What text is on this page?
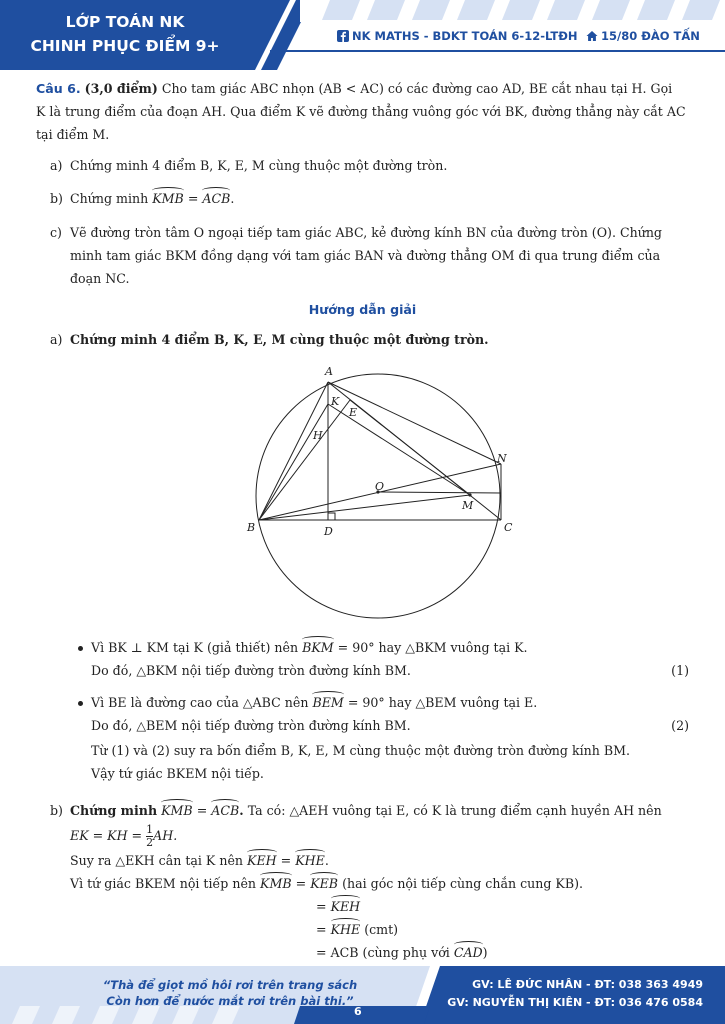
LỚP TOÁN NK
CHINH PHỤC ĐIỂM 9+
NK MATHS - BDKT TOÁN 6-12-LTĐH	15/80 ĐÀO TẤN
Câu 6. (3,0 điểm) Cho tam giác ABC nhọn (AB < AC) có các đường cao AD, BE cắt nhau tại H. Gọi
K là trung điểm của đoạn AH. Qua điểm K vẽ đường thẳng vuông góc với BK, đường thẳng này cắt AC
tại điểm M.
a) Chứng minh 4 điểm B, K, E, M cùng thuộc một đường tròn.
b) Chứng minh KMB = ACB.
c) Vẽ đường tròn tâm O ngoại tiếp tam giác ABC, kẻ đường kính BN của đường tròn (O). Chứng
minh tam giác BKM đồng dạng với tam giác BAN và đường thẳng OM đi qua trung điểm của
đoạn NC.
Hướng dẫn giải
a) Chứng minh 4 điểm B, K, E, M cùng thuộc một đường tròn.
A
K
E
H
N
O
M
B	D	C
Vì BK ⊥ KM tại K (giả thiết) nên BKM = 90° hay △BKM vuông tại K.
Do đó, △BKM nội tiếp đường tròn đường kính BM.	(1)
Vì BE là đường cao của △ABC nên BEM = 90° hay △BEM vuông tại E.
Do đó, △BEM nội tiếp đường tròn đường kính BM.	(2)
Từ (1) và (2) suy ra bốn điểm B, K, E, M cùng thuộc một đường tròn đường kính BM.
Vậy tứ giác BKEM nội tiếp.
b) Chứng minh KMB = ACB. Ta có: △AEH vuông tại E, có K là trung điểm cạnh huyền AH nên
EK = KH = $\frac{1}{2}$ AH.
Suy ra △EKH cân tại K nên KEH = KHE.
Vì tứ giác BKEM nội tiếp nên KMB = KEB (hai góc nội tiếp cùng chắn cung KB).
= KEH
= KHE (cmt)
= ACB (cùng phụ với CAD)
“Thà để giọt mồ hôi rơi trên trang sách
Còn hơn để nước mắt rơi trên bài thi.”
GV: LÊ ĐỨC NHÂN - ĐT: 038 363 4949
GV: NGUYỄN THỊ KIÊN - ĐT: 036 476 0584
6
